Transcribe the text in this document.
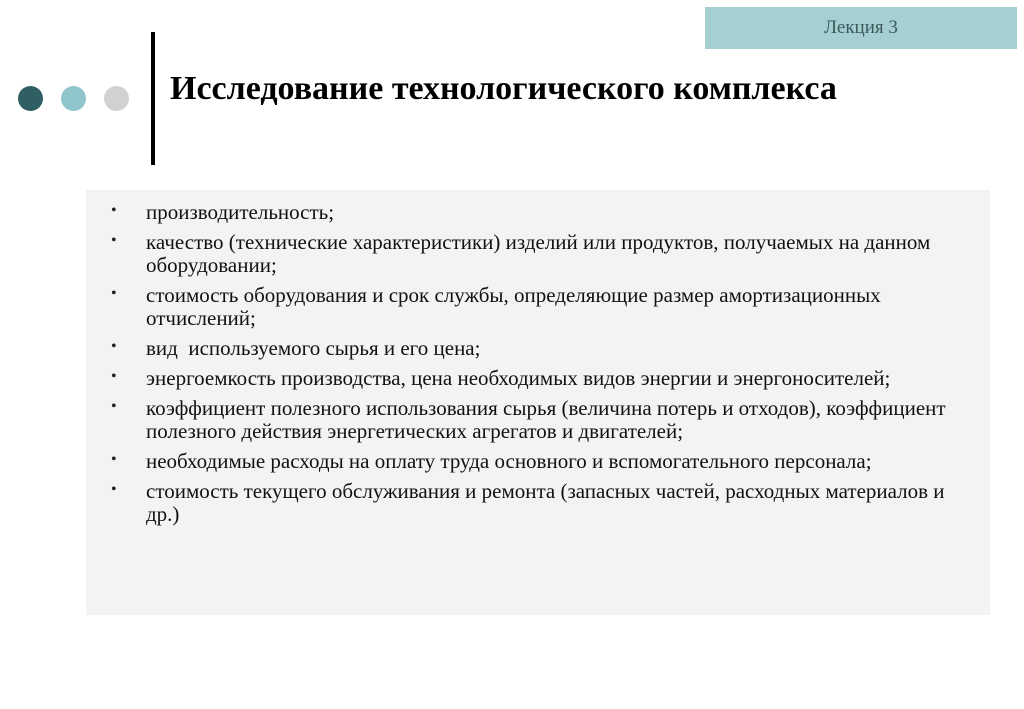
Лекция 3
Исследование технологического комплекса
• производительность;
• качество (технические характеристики) изделий или продуктов, получаемых на данном оборудовании;
• стоимость оборудования и срок службы, определяющие размер амортизационных отчислений;
• вид  используемого сырья и его цена;
• энергоемкость производства, цена необходимых видов энергии и энергоносителей;
• коэффициент полезного использования сырья (величина потерь и отходов), коэффициент полезного действия энергетических агрегатов и двигателей;
• необходимые расходы на оплату труда основного и вспомогательного персонала;
• стоимость текущего обслуживания и ремонта (запасных частей, расходных материалов и др.)
